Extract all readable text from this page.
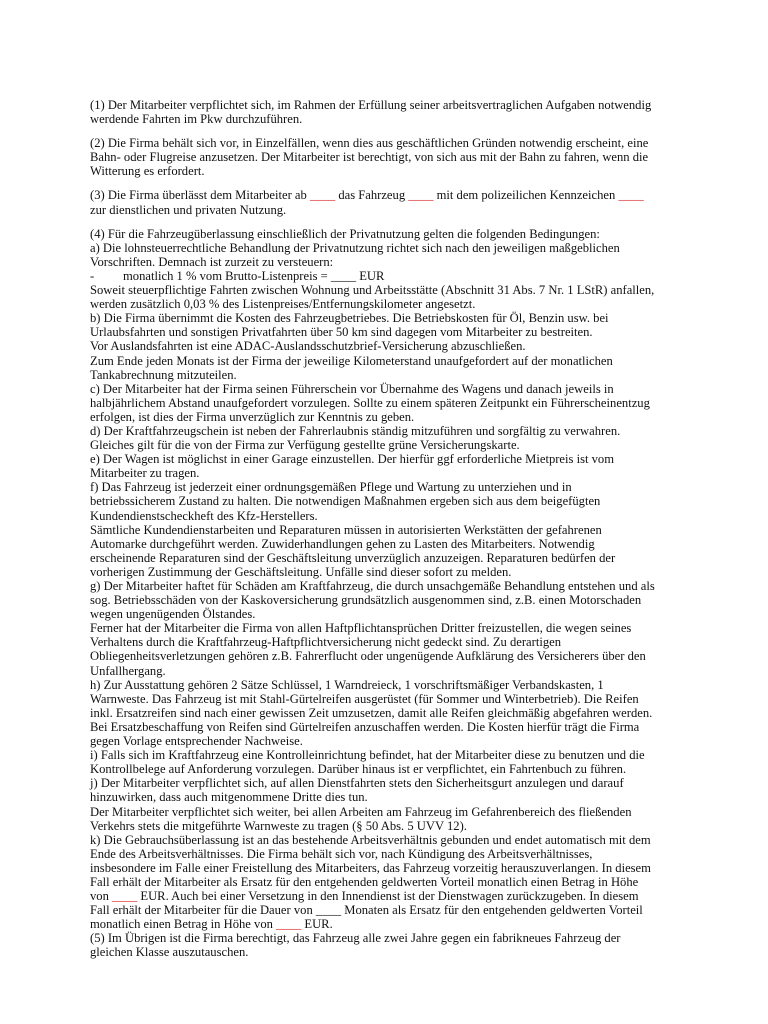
(1) Der Mitarbeiter verpflichtet sich, im Rahmen der Erfüllung seiner arbeitsvertraglichen Aufgaben notwendig
werdende Fahrten im Pkw durchzuführen.

(2) Die Firma behält sich vor, in Einzelfällen, wenn dies aus geschäftlichen Gründen notwendig erscheint, eine
Bahn- oder Flugreise anzusetzen. Der Mitarbeiter ist berechtigt, von sich aus mit der Bahn zu fahren, wenn die
Witterung es erfordert.

(3) Die Firma überlässt dem Mitarbeiter ab ____ das Fahrzeug ____ mit dem polizeilichen Kennzeichen ____
zur dienstlichen und privaten Nutzung.

(4) Für die Fahrzeugüberlassung einschließlich der Privatnutzung gelten die folgenden Bedingungen:
a) Die lohnsteuerrechtliche Behandlung der Privatnutzung richtet sich nach den jeweiligen maßgeblichen
Vorschriften. Demnach ist zurzeit zu versteuern:
- monatlich 1 % vom Brutto-Listenpreis = ____ EUR
Soweit steuerpflichtige Fahrten zwischen Wohnung und Arbeitsstätte (Abschnitt 31 Abs. 7 Nr. 1 LStR) anfallen,
werden zusätzlich 0,03 % des Listenpreises/Entfernungskilometer angesetzt.
b) Die Firma übernimmt die Kosten des Fahrzeugbetriebes. Die Betriebskosten für Öl, Benzin usw. bei
Urlaubsfahrten und sonstigen Privatfahrten über 50 km sind dagegen vom Mitarbeiter zu bestreiten.
Vor Auslandsfahrten ist eine ADAC-Auslandsschutzbrief-Versicherung abzuschließen.
Zum Ende jeden Monats ist der Firma der jeweilige Kilometerstand unaufgefordert auf der monatlichen
Tankabrechnung mitzuteilen.
c) Der Mitarbeiter hat der Firma seinen Führerschein vor Übernahme des Wagens und danach jeweils in
halbjährlichem Abstand unaufgefordert vorzulegen. Sollte zu einem späteren Zeitpunkt ein Führerscheinentzug
erfolgen, ist dies der Firma unverzüglich zur Kenntnis zu geben.
d) Der Kraftfahrzeugschein ist neben der Fahrerlaubnis ständig mitzuführen und sorgfältig zu verwahren.
Gleiches gilt für die von der Firma zur Verfügung gestellte grüne Versicherungskarte.
e) Der Wagen ist möglichst in einer Garage einzustellen. Der hierfür ggf erforderliche Mietpreis ist vom
Mitarbeiter zu tragen.
f) Das Fahrzeug ist jederzeit einer ordnungsgemäßen Pflege und Wartung zu unterziehen und in
betriebssicherem Zustand zu halten. Die notwendigen Maßnahmen ergeben sich aus dem beigefügten
Kundendienstscheckheft des Kfz-Herstellers.
Sämtliche Kundendienstarbeiten und Reparaturen müssen in autorisierten Werkstätten der gefahrenen
Automarke durchgeführt werden. Zuwiderhandlungen gehen zu Lasten des Mitarbeiters. Notwendig
erscheinende Reparaturen sind der Geschäftsleitung unverzüglich anzuzeigen. Reparaturen bedürfen der
vorherigen Zustimmung der Geschäftsleitung. Unfälle sind dieser sofort zu melden.
g) Der Mitarbeiter haftet für Schäden am Kraftfahrzeug, die durch unsachgemäße Behandlung entstehen und als
sog. Betriebsschäden von der Kaskoversicherung grundsätzlich ausgenommen sind, z.B. einen Motorschaden
wegen ungenügenden Ölstandes.
Ferner hat der Mitarbeiter die Firma von allen Haftpflichtansprüchen Dritter freizustellen, die wegen seines
Verhaltens durch die Kraftfahrzeug-Haftpflichtversicherung nicht gedeckt sind. Zu derartigen
Obliegenheitsverletzungen gehören z.B. Fahrerflucht oder ungenügende Aufklärung des Versicherers über den
Unfallhergang.
h) Zur Ausstattung gehören 2 Sätze Schlüssel, 1 Warndreieck, 1 vorschriftsmäßiger Verbandskasten, 1
Warnweste. Das Fahrzeug ist mit Stahl-Gürtelreifen ausgerüstet (für Sommer und Winterbetrieb). Die Reifen
inkl. Ersatzreifen sind nach einer gewissen Zeit umzusetzen, damit alle Reifen gleichmäßig abgefahren werden.
Bei Ersatzbeschaffung von Reifen sind Gürtelreifen anzuschaffen werden. Die Kosten hierfür trägt die Firma
gegen Vorlage entsprechender Nachweise.
i) Falls sich im Kraftfahrzeug eine Kontrolleinrichtung befindet, hat der Mitarbeiter diese zu benutzen und die
Kontrollbelege auf Anforderung vorzulegen. Darüber hinaus ist er verpflichtet, ein Fahrtenbuch zu führen.
j) Der Mitarbeiter verpflichtet sich, auf allen Dienstfahrten stets den Sicherheitsgurt anzulegen und darauf
hinzuwirken, dass auch mitgenommene Dritte dies tun.
Der Mitarbeiter verpflichtet sich weiter, bei allen Arbeiten am Fahrzeug im Gefahrenbereich des fließenden
Verkehrs stets die mitgeführte Warnweste zu tragen (§ 50 Abs. 5 UVV 12).
k) Die Gebrauchsüberlassung ist an das bestehende Arbeitsverhältnis gebunden und endet automatisch mit dem
Ende des Arbeitsverhältnisses. Die Firma behält sich vor, nach Kündigung des Arbeitsverhältnisses,
insbesondere im Falle einer Freistellung des Mitarbeiters, das Fahrzeug vorzeitig herauszuverlangen. In diesem
Fall erhält der Mitarbeiter als Ersatz für den entgehenden geldwerten Vorteil monatlich einen Betrag in Höhe
von ____ EUR. Auch bei einer Versetzung in den Innendienst ist der Dienstwagen zurückzugeben. In diesem
Fall erhält der Mitarbeiter für die Dauer von ____ Monaten als Ersatz für den entgehenden geldwerten Vorteil
monatlich einen Betrag in Höhe von ____ EUR.
(5) Im Übrigen ist die Firma berechtigt, das Fahrzeug alle zwei Jahre gegen ein fabrikneues Fahrzeug der
gleichen Klasse auszutauschen.
